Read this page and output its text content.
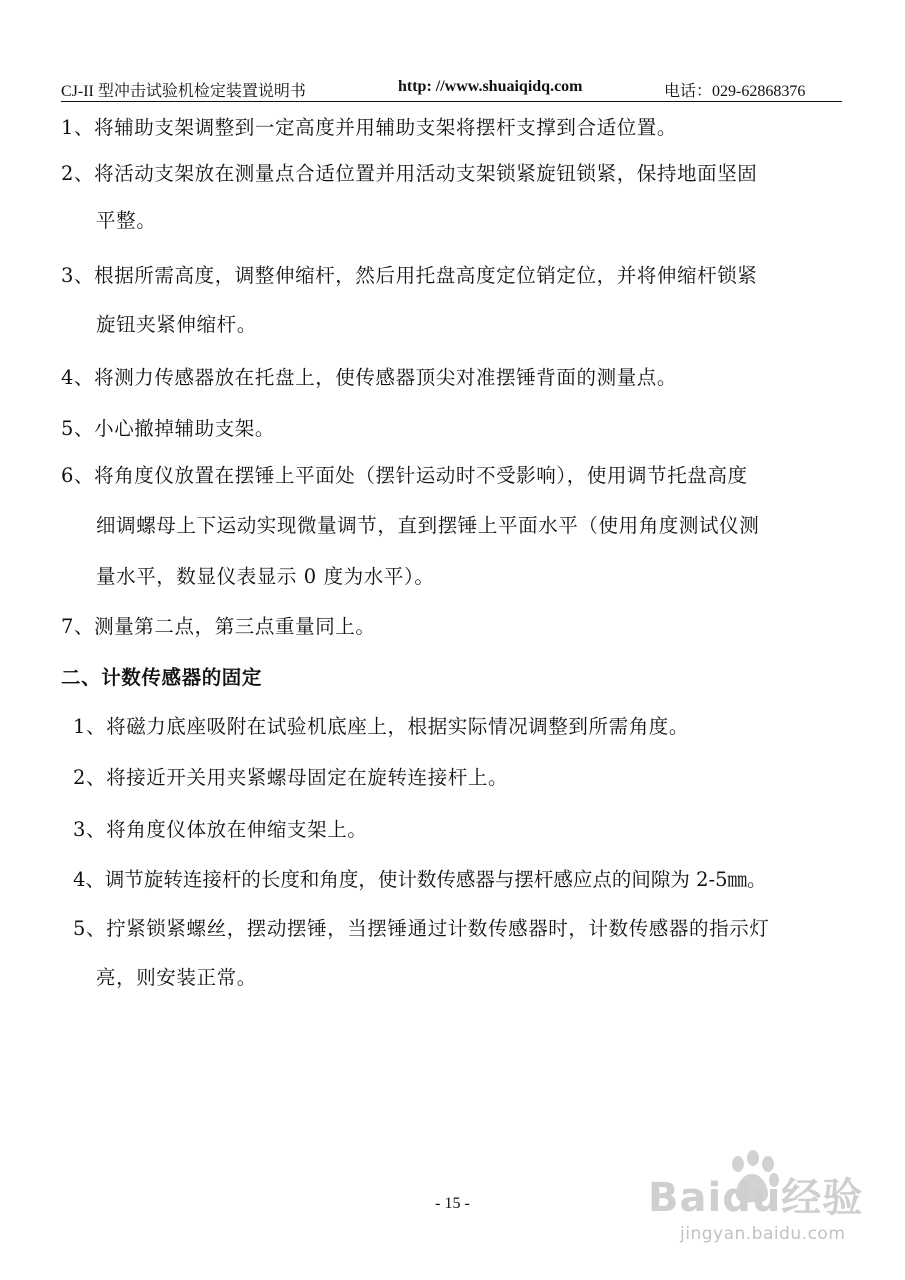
CJ-II 型冲击试验机检定装置说明书	http: //www.shuaiqidq.com	电话：029-62868376
1、将辅助支架调整到一定高度并用辅助支架将摆杆支撑到合适位置。
2、将活动支架放在测量点合适位置并用活动支架锁紧旋钮锁紧，保持地面坚固
平整。
3、根据所需高度，调整伸缩杆，然后用托盘高度定位销定位，并将伸缩杆锁紧
旋钮夹紧伸缩杆。
4、将测力传感器放在托盘上，使传感器顶尖对准摆锤背面的测量点。
5、小心撤掉辅助支架。
6、将角度仪放置在摆锤上平面处（摆针运动时不受影响），使用调节托盘高度
细调螺母上下运动实现微量调节，直到摆锤上平面水平（使用角度测试仪测
量水平，数显仪表显示 0 度为水平）。
7、测量第二点，第三点重量同上。
二、计数传感器的固定
1、将磁力底座吸附在试验机底座上，根据实际情况调整到所需角度。
2、将接近开关用夹紧螺母固定在旋转连接杆上。
3、将角度仪体放在伸缩支架上。
4、调节旋转连接杆的长度和角度，使计数传感器与摆杆感应点的间隙为 2-5㎜。
5、拧紧锁紧螺丝，摆动摆锤，当摆锤通过计数传感器时，计数传感器的指示灯
亮，则安装正常。
- 15 -	Baidu经验
jingyan.baidu.com
